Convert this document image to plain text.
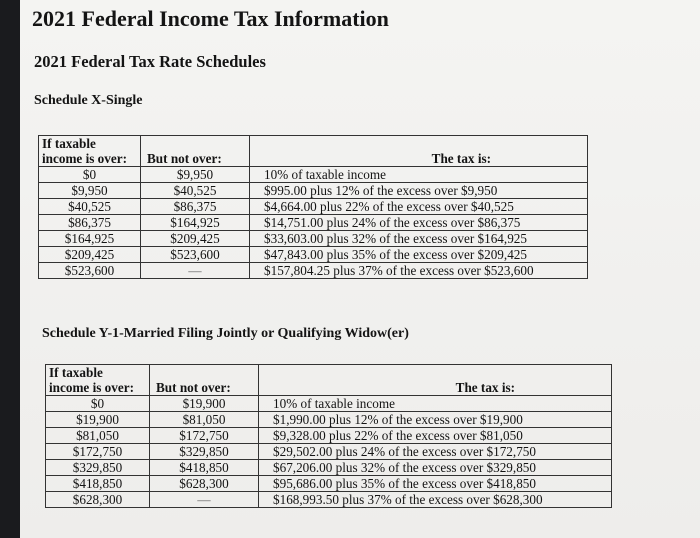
2021 Federal Income Tax Information
2021 Federal Tax Rate Schedules
Schedule X-Single
If taxable
income is over:	But not over:	The tax is:
$0	$9,950	10% of taxable income
$9,950	$40,525	$995.00 plus 12% of the excess over $9,950
$40,525	$86,375	$4,664.00 plus 22% of the excess over $40,525
$86,375	$164,925	$14,751.00 plus 24% of the excess over $86,375
$164,925	$209,425	$33,603.00 plus 32% of the excess over $164,925
$209,425	$523,600	$47,843.00 plus 35% of the excess over $209,425
$523,600	—	$157,804.25 plus 37% of the excess over $523,600
Schedule Y-1-Married Filing Jointly or Qualifying Widow(er)
If taxable
income is over:	But not over:	The tax is:
$0	$19,900	10% of taxable income
$19,900	$81,050	$1,990.00 plus 12% of the excess over $19,900
$81,050	$172,750	$9,328.00 plus 22% of the excess over $81,050
$172,750	$329,850	$29,502.00 plus 24% of the excess over $172,750
$329,850	$418,850	$67,206.00 plus 32% of the excess over $329,850
$418,850	$628,300	$95,686.00 plus 35% of the excess over $418,850
$628,300	—	$168,993.50 plus 37% of the excess over $628,300
